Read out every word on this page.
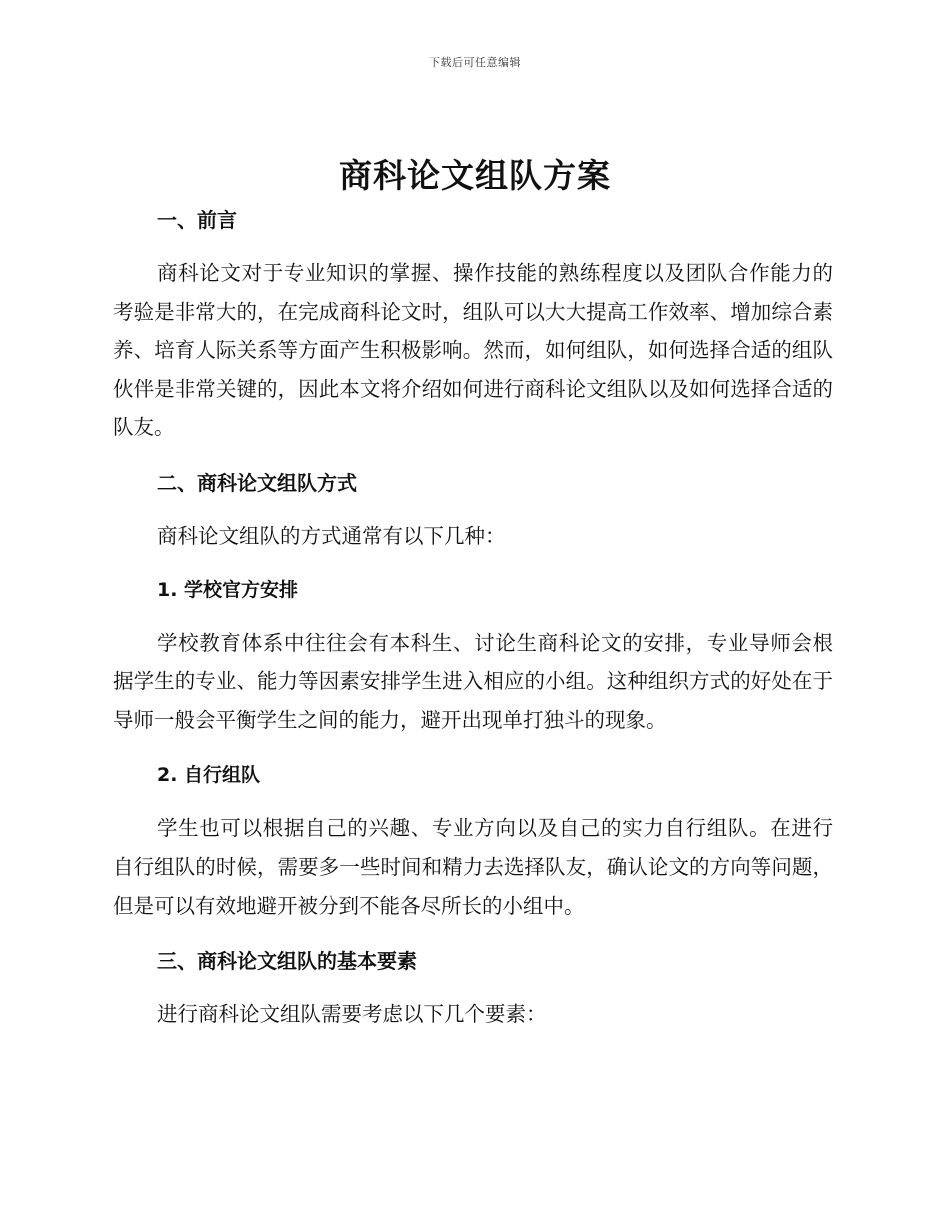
下载后可任意编辑
商科论文组队方案
一、前言

商科论文对于专业知识的掌握、操作技能的熟练程度以及团队合作能力的考验是非常大的，在完成商科论文时，组队可以大大提高工作效率、增加综合素养、培育人际关系等方面产生积极影响。然而，如何组队，如何选择合适的组队伙伴是非常关键的，因此本文将介绍如何进行商科论文组队以及如何选择合适的队友。

二、商科论文组队方式

商科论文组队的方式通常有以下几种：

1. 学校官方安排

学校教育体系中往往会有本科生、讨论生商科论文的安排，专业导师会根据学生的专业、能力等因素安排学生进入相应的小组。这种组织方式的好处在于导师一般会平衡学生之间的能力，避开出现单打独斗的现象。

2. 自行组队

学生也可以根据自己的兴趣、专业方向以及自己的实力自行组队。在进行自行组队的时候，需要多一些时间和精力去选择队友，确认论文的方向等问题，但是可以有效地避开被分到不能各尽所长的小组中。

三、商科论文组队的基本要素

进行商科论文组队需要考虑以下几个要素：
